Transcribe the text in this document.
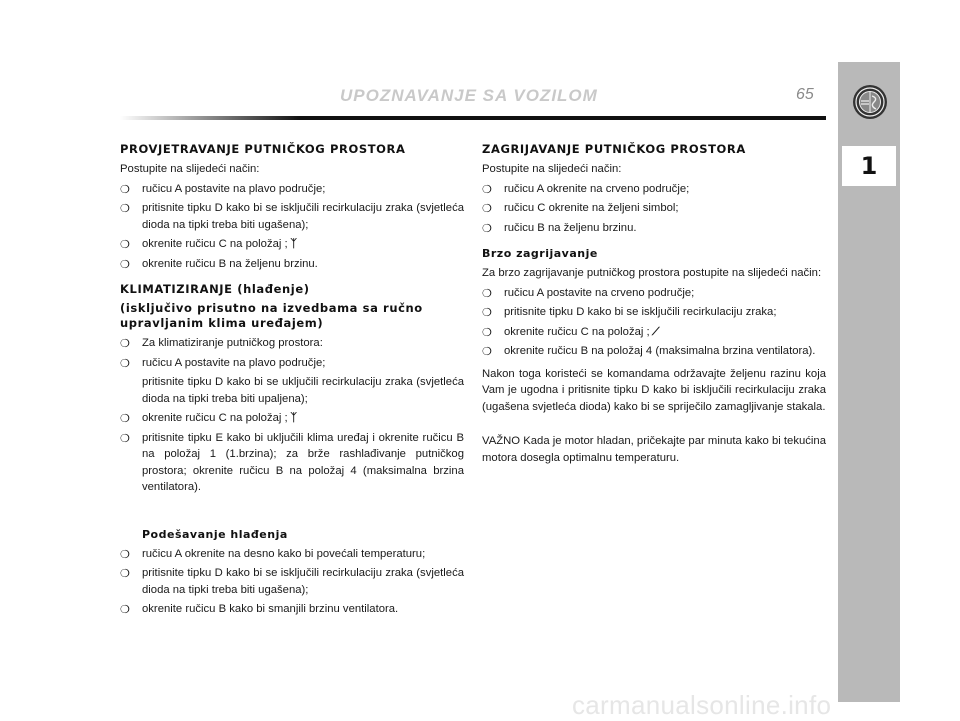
UPOZNAVANJE SA VOZILOM	65
1
PROVJETRAVANJE PUTNIČKOG PROSTORA

Postupite na slijedeći način:

❍ ručicu A postavite na plavo područje;
❍ pritisnite tipku D kako bi se isključili recirkulaciju zraka (svjetleća dioda na tipki treba biti ugašena);
❍ okrenite ručicu C na položaj ; ᛉ
❍ okrenite ručicu B na željenu brzinu.
KLIMATIZIRANJE (hlađenje)
(isključivo prisutno na izvedbama sa ručno upravljanim klima uređajem)
❍ Za klimatiziranje putničkog prostora:
❍ ručicu A postavite na plavo područje;
pritisnite tipku D kako bi se uključili recirkulaciju zraka (svjetleća dioda na tipki treba biti upaljena);
❍ okrenite ručicu C na položaj ; ᛉ
❍ pritisnite tipku E kako bi uključili klima uređaj i okrenite ručicu B na položaj 1 (1.brzina); za brže rashlađivanje putničkog prostora; okrenite ručicu B na položaj 4 (maksimalna brzina ventilatora).
Podešavanje hlađenja
❍ ručicu A okrenite na desno kako bi povećali temperaturu;
❍ pritisnite tipku D kako bi se isključili recirkulaciju zraka (svjetleća dioda na tipki treba biti ugašena);
❍ okrenite ručicu B kako bi smanjili brzinu ventilatora.
ZAGRIJAVANJE PUTNIČKOG PROSTORA

Postupite na slijedeći način:

❍ ručicu A okrenite na crveno područje;
❍ ručicu C okrenite na željeni simbol;
❍ ručicu B na željenu brzinu.
Brzo zagrijavanje

Za brzo zagrijavanje putničkog prostora postupite na slijedeći način:

❍ ručicu A postavite na crveno područje;
❍ pritisnite tipku D kako bi se isključili recirkulaciju zraka;
❍ okrenite ručicu C na položaj ; ⟋
❍ okrenite ručicu B na položaj 4 (maksimalna brzina ventilatora).

Nakon toga koristeći se komandama održavajte željenu razinu koja Vam je ugodna i pritisnite tipku D kako bi isključili recirkulaciju zraka (ugašena svjetleća dioda) kako bi se spriječilo zamagljivanje stakala.

VAŽNO Kada je motor hladan, pričekajte par minuta kako bi tekućina motora dosegla optimalnu temperaturu.

carmanualsonline.info
